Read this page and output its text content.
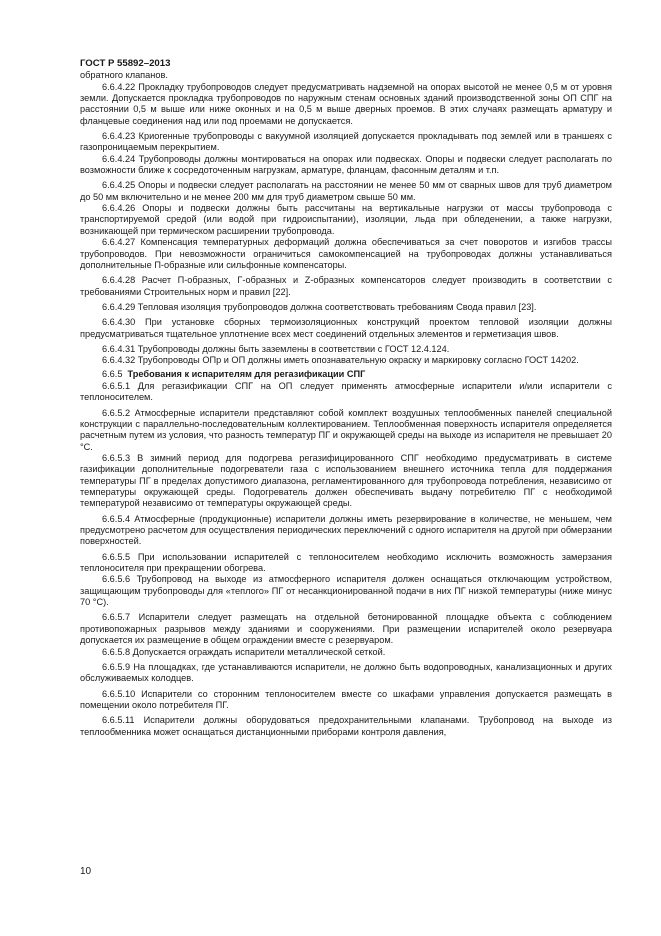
ГОСТ Р 55892–2013

обратного клапанов.

6.6.4.22 Прокладку трубопроводов следует предусматривать надземной на опорах высотой не менее 0,5 м от уровня земли. Допускается прокладка трубопроводов по наружным стенам основных зданий производственной зоны ОП СПГ на расстоянии 0,5 м выше или ниже оконных и на 0,5 м выше дверных проемов. В этих случаях размещать арматуру и фланцевые соединения над или под проемами не допускается.

6.6.4.23 Криогенные трубопроводы с вакуумной изоляцией допускается прокладывать под землей или в траншеях с газопроницаемым перекрытием.

6.6.4.24 Трубопроводы должны монтироваться на опорах или подвесках. Опоры и подвески следует располагать по возможности ближе к сосредоточенным нагрузкам, арматуре, фланцам, фасонным деталям и т.п.

6.6.4.25 Опоры и подвески следует располагать на расстоянии не менее 50 мм от сварных швов для труб диаметром до 50 мм включительно и не менее 200 мм для труб диаметром свыше 50 мм.

6.6.4.26 Опоры и подвески должны быть рассчитаны на вертикальные нагрузки от массы трубопровода с транспортируемой средой (или водой при гидроиспытании), изоляции, льда при обледенении, а также нагрузки, возникающей при термическом расширении трубопровода.

6.6.4.27 Компенсация температурных деформаций должна обеспечиваться за счет поворотов и изгибов трассы трубопроводов. При невозможности ограничиться самокомпенсацией на трубопроводах должны устанавливаться дополнительные П-образные или сильфонные компенсаторы.

6.6.4.28 Расчет П-образных, Г-образных и Z-образных компенсаторов следует производить в соответствии с требованиями Строительных норм и правил [22].

6.6.4.29 Тепловая изоляция трубопроводов должна соответствовать требованиям Свода правил [23].

6.6.4.30 При установке сборных термоизоляционных конструкций проектом тепловой изоляции должны предусматриваться тщательное уплотнение всех мест соединений отдельных элементов и герметизация швов.

6.6.4.31 Трубопроводы должны быть заземлены в соответствии с ГОСТ 12.4.124.

6.6.4.32 Трубопроводы ОПр и ОП должны иметь опознавательную окраску и маркировку согласно ГОСТ 14202.

6.6.5 Требования к испарителям для регазификации СПГ

6.6.5.1 Для регазификации СПГ на ОП следует применять атмосферные испарители и/или испарители с теплоносителем.

6.6.5.2 Атмосферные испарители представляют собой комплект воздушных теплообменных панелей специальной конструкции с параллельно-последовательным коллектированием. Теплообменная поверхность испарителя определяется расчетным путем из условия, что разность температур ПГ и окружающей среды на выходе из испарителя не превышает 20 °С.

6.6.5.3 В зимний период для подогрева регазифицированного СПГ необходимо предусматривать в системе газификации дополнительные подогреватели газа с использованием внешнего источника тепла для поддержания температуры ПГ в пределах допустимого диапазона, регламентированного для трубопровода потребления, независимо от температуры окружающей среды. Подогреватель должен обеспечивать выдачу потребителю ПГ с необходимой температурой независимо от температуры окружающей среды.

6.6.5.4 Атмосферные (продукционные) испарители должны иметь резервирование в количестве, не меньшем, чем предусмотрено расчетом для осуществления периодических переключений с одного испарителя на другой при обмерзании поверхностей.

6.6.5.5 При использовании испарителей с теплоносителем необходимо исключить возможность замерзания теплоносителя при прекращении обогрева.

6.6.5.6 Трубопровод на выходе из атмосферного испарителя должен оснащаться отключающим устройством, защищающим трубопроводы для «теплого» ПГ от несанкционированной подачи в них ПГ низкой температуры (ниже минус 70 °С).

6.6.5.7 Испарители следует размещать на отдельной бетонированной площадке объекта с соблюдением противопожарных разрывов между зданиями и сооружениями. При размещении испарителей около резервуара допускается их размещение в общем ограждении вместе с резервуаром.

6.6.5.8 Допускается ограждать испарители металлической сеткой.

6.6.5.9 На площадках, где устанавливаются испарители, не должно быть водопроводных, канализационных и других обслуживаемых колодцев.

6.6.5.10 Испарители со сторонним теплоносителем вместе со шкафами управления допускается размещать в помещении около потребителя ПГ.

6.6.5.11 Испарители должны оборудоваться предохранительными клапанами. Трубопровод на выходе из теплообменника может оснащаться дистанционными приборами контроля давления,

10
